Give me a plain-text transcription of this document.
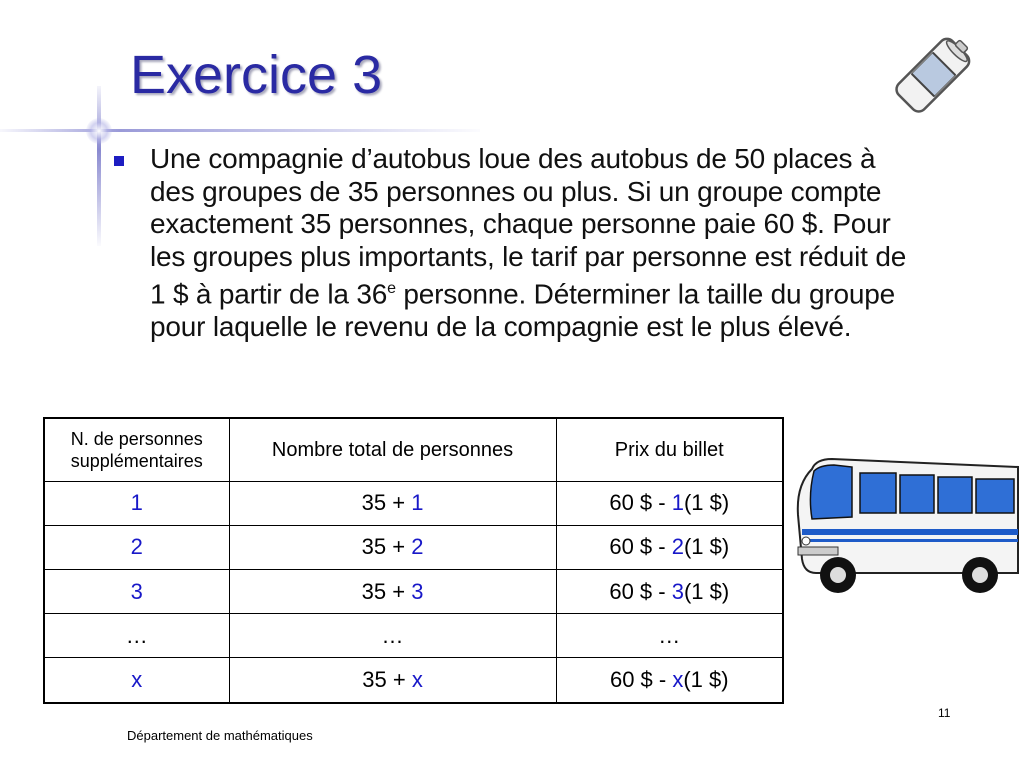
Exercice 3
Une compagnie d’autobus loue des autobus de 50 places à des groupes de 35 personnes ou plus. Si un groupe compte exactement 35 personnes, chaque personne paie 60 $. Pour les groupes plus importants, le tarif par personne est réduit de 1 $ à partir de la 36e personne. Déterminer la taille du groupe pour laquelle le revenu de la compagnie est le plus élevé.
N. de personnes supplémentaires	Nombre total de personnes	Prix du billet
1	35 + 1	60 $ - 1(1 $)
2	35 + 2	60 $ - 2(1 $)
3	35 + 3	60 $ - 3(1 $)
…	…	…
x	35 + x	60 $ - x(1 $)
11
Département de mathématiques
